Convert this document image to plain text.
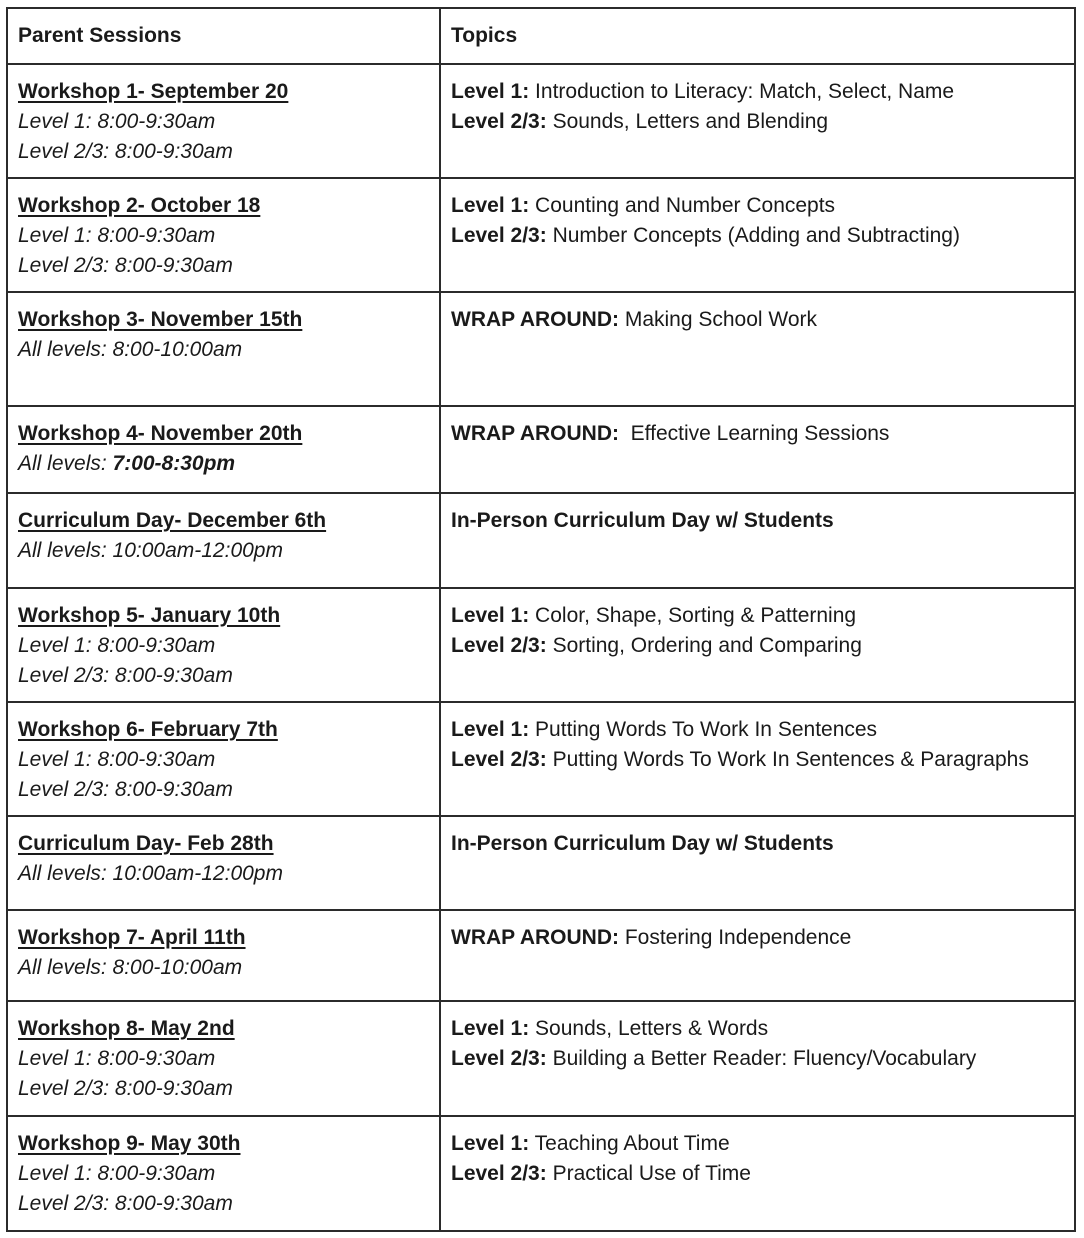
Parent Sessions	Topics

Workshop 1- September 20
Level 1: 8:00-9:30am
Level 2/3: 8:00-9:30am	Level 1: Introduction to Literacy: Match, Select, Name
Level 2/3: Sounds, Letters and Blending

Workshop 2- October 18
Level 1: 8:00-9:30am
Level 2/3: 8:00-9:30am	Level 1: Counting and Number Concepts
Level 2/3: Number Concepts (Adding and Subtracting)

Workshop 3- November 15th
All levels: 8:00-10:00am	WRAP AROUND: Making School Work

Workshop 4- November 20th
All levels: 7:00-8:30pm	WRAP AROUND:  Effective Learning Sessions

Curriculum Day- December 6th
All levels: 10:00am-12:00pm	In-Person Curriculum Day w/ Students

Workshop 5- January 10th
Level 1: 8:00-9:30am
Level 2/3: 8:00-9:30am	Level 1: Color, Shape, Sorting & Patterning
Level 2/3: Sorting, Ordering and Comparing

Workshop 6- February 7th
Level 1: 8:00-9:30am
Level 2/3: 8:00-9:30am	Level 1: Putting Words To Work In Sentences
Level 2/3: Putting Words To Work In Sentences & Paragraphs

Curriculum Day- Feb 28th
All levels: 10:00am-12:00pm	In-Person Curriculum Day w/ Students

Workshop 7- April 11th
All levels: 8:00-10:00am	WRAP AROUND: Fostering Independence

Workshop 8- May 2nd
Level 1: 8:00-9:30am
Level 2/3: 8:00-9:30am	Level 1: Sounds, Letters & Words
Level 2/3: Building a Better Reader: Fluency/Vocabulary

Workshop 9- May 30th
Level 1: 8:00-9:30am
Level 2/3: 8:00-9:30am	Level 1: Teaching About Time
Level 2/3: Practical Use of Time
